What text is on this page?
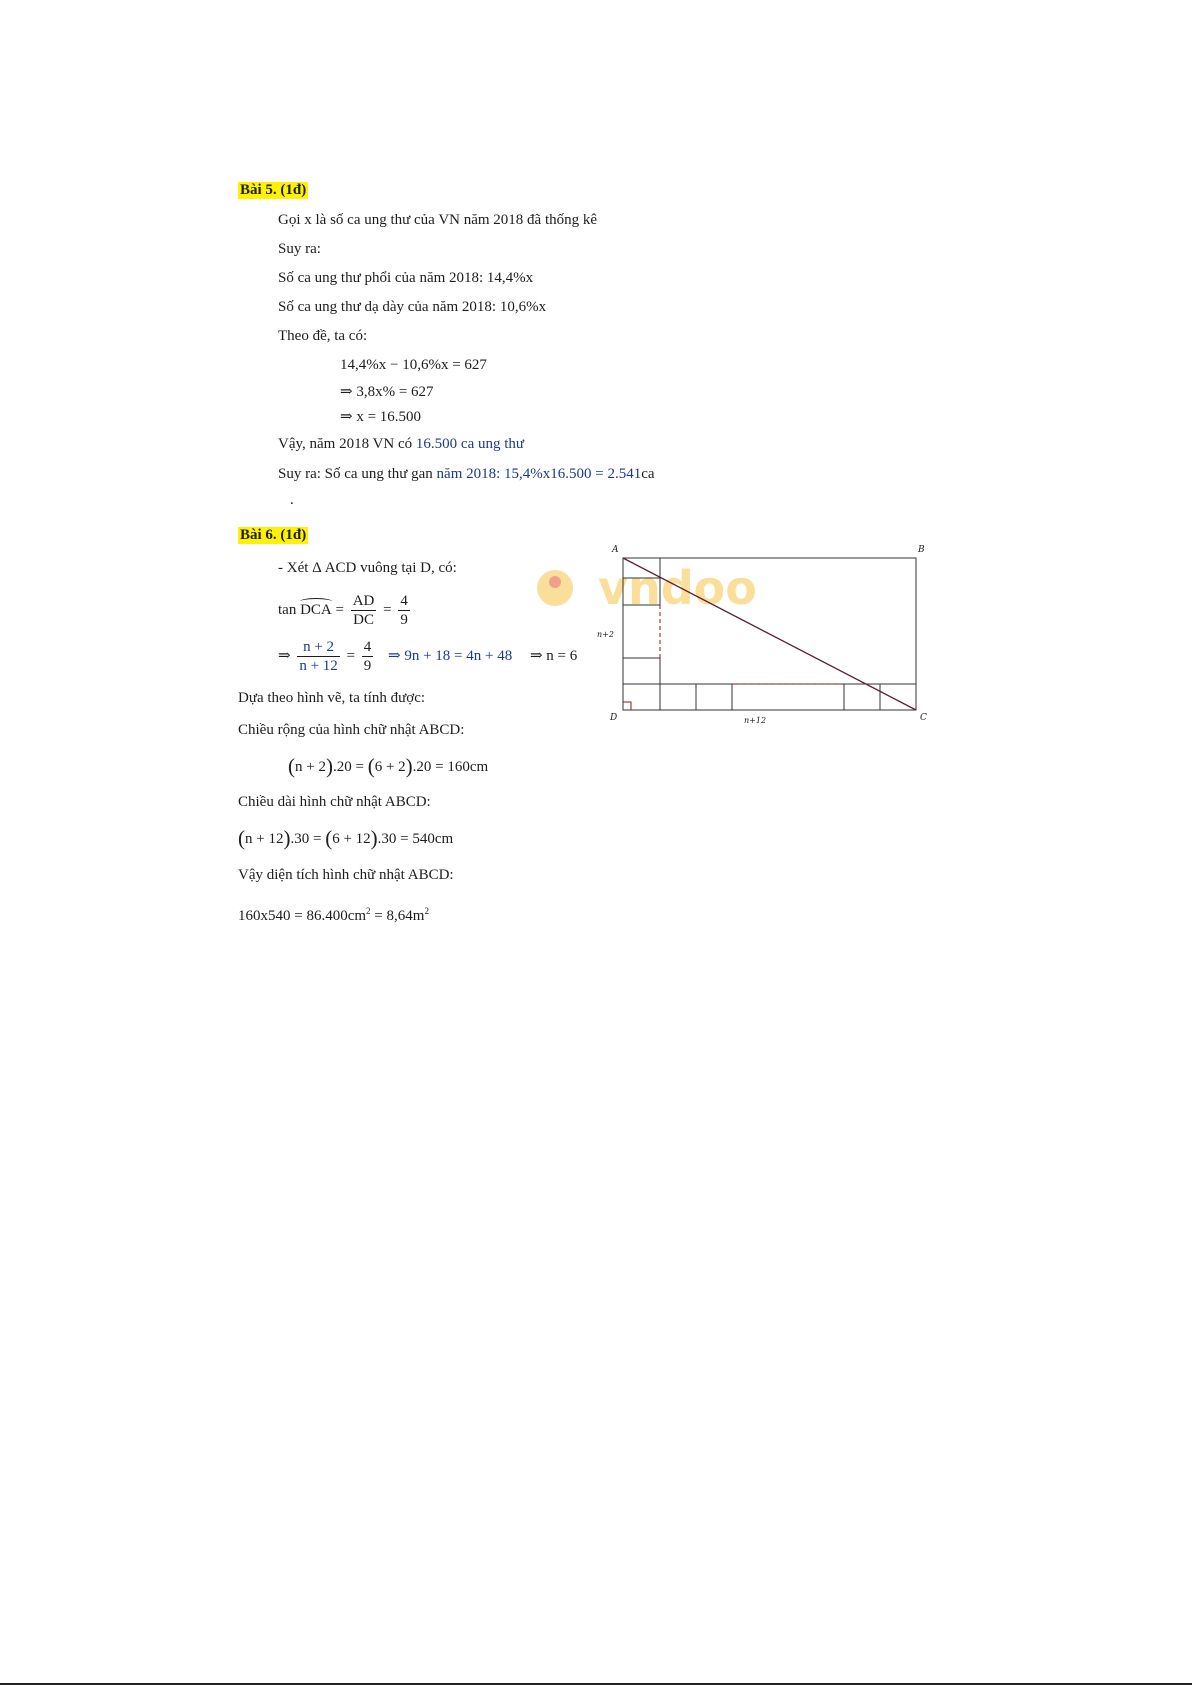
Bài 5. (1đ)
Gọi x là số ca ung thư của VN năm 2018 đã thống kê
Suy ra:
Số ca ung thư phổi của năm 2018: 14,4%x
Số ca ung thư dạ dày của năm 2018: 10,6%x
Theo đề, ta có:
14,4%x − 10,6%x = 627
⇒ 3,8x% = 627
⇒ x = 16.500
Vậy, năm 2018 VN có 16.500 ca ung thư
Suy ra: Số ca ung thư gan năm 2018: 15,4%x16.500 = 2.541ca
.
Bài 6. (1đ)
- Xét Δ ACD vuông tại D, có:
tan DCA = $\frac{AD}{DC} = \frac{4}{9}$
⇒ $\frac{n + 2}{n + 12} = \frac{4}{9}$ ⇒ 9n + 18 = 4n + 48 ⇒ n = 6
Dựa theo hình vẽ, ta tính được:
Chiều rộng của hình chữ nhật ABCD:
(n + 2).20 = (6 + 2).20 = 160cm
Chiều dài hình chữ nhật ABCD:
(n + 12).30 = (6 + 12).30 = 540cm
Vậy diện tích hình chữ nhật ABCD:
$160x540 = 86.400cm^2 = 8,64m^2$
vndoo
A	B
C
D
n+2
n+12
